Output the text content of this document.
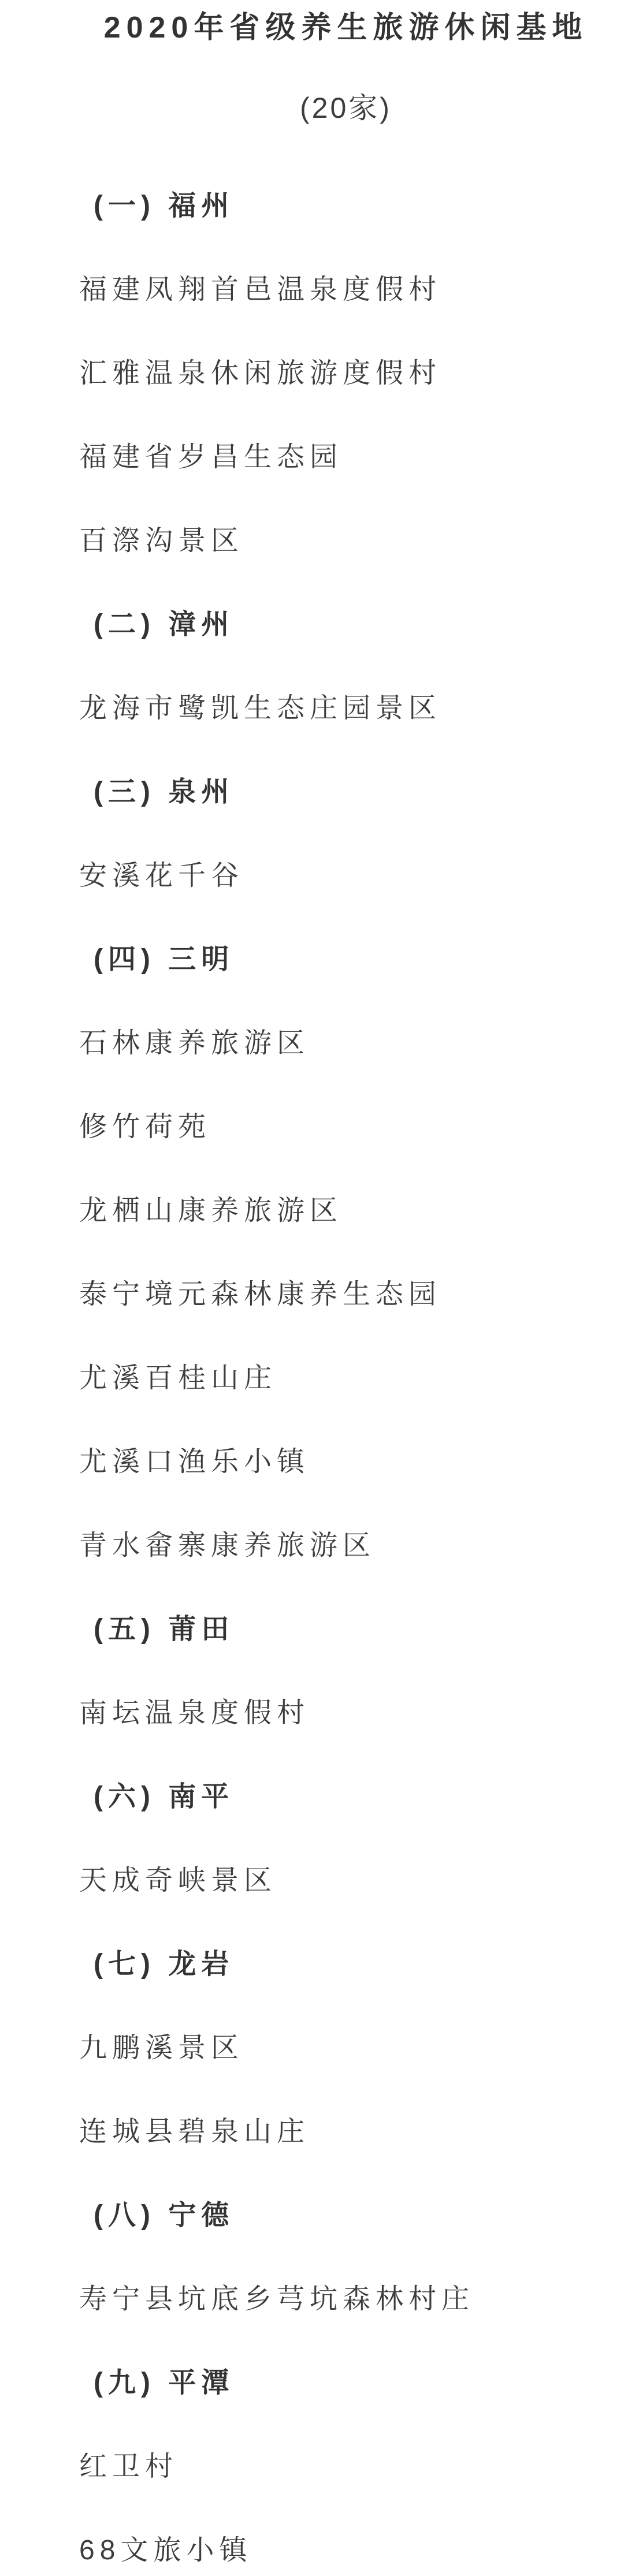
2020年省级养生旅游休闲基地
(20家)
(一) 福州
福建凤翔首邑温泉度假村
汇雅温泉休闲旅游度假村
福建省岁昌生态园
百漈沟景区
(二) 漳州
龙海市鹭凯生态庄园景区
(三) 泉州
安溪花千谷
(四) 三明
石林康养旅游区
修竹荷苑
龙栖山康养旅游区
泰宁境元森林康养生态园
尤溪百桂山庄
尤溪口渔乐小镇
青水畲寨康养旅游区
(五) 莆田
南坛温泉度假村
(六) 南平
天成奇峡景区
(七) 龙岩
九鹏溪景区
连城县碧泉山庄
(八) 宁德
寿宁县坑底乡芎坑森林村庄
(九) 平潭
红卫村
68文旅小镇
